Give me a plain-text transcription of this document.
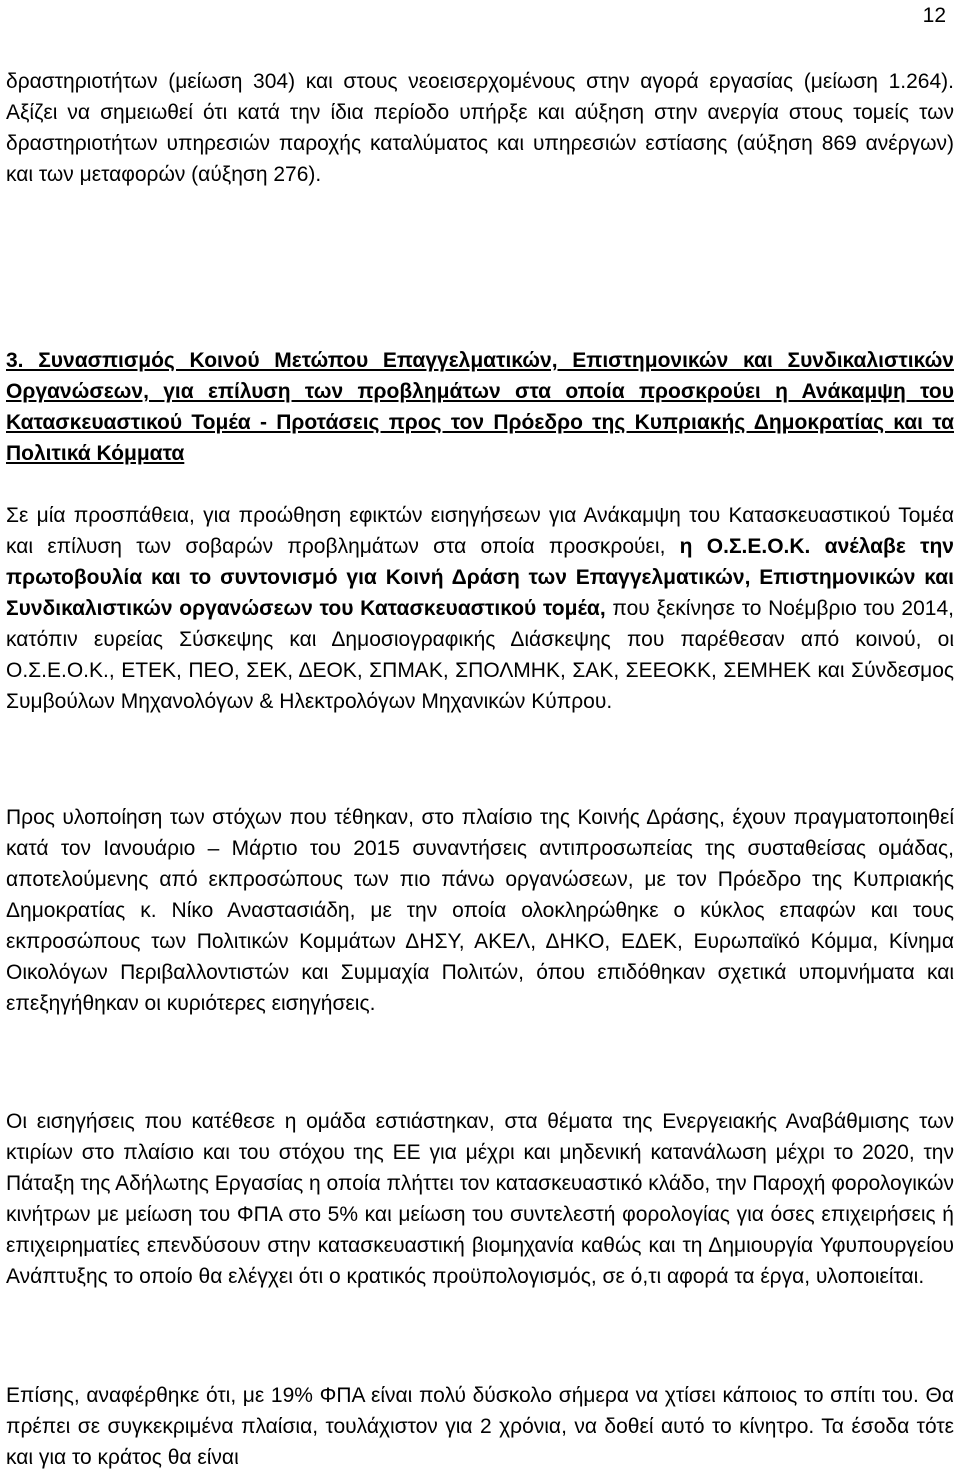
12

δραστηριοτήτων (μείωση 304) και στους νεοεισερχομένους στην αγορά εργασίας (μείωση 1.264). Αξίζει να σημειωθεί ότι κατά την ίδια περίοδο υπήρξε και αύξηση στην ανεργία στους τομείς των δραστηριοτήτων υπηρεσιών παροχής καταλύματος και υπηρεσιών εστίασης (αύξηση 869 ανέργων) και των μεταφορών (αύξηση 276).

3. Συνασπισμός Κοινού Μετώπου Επαγγελματικών, Επιστημονικών και Συνδικαλιστικών Οργανώσεων, για επίλυση των προβλημάτων στα οποία προσκρούει η Ανάκαμψη του Κατασκευαστικού Τομέα - Προτάσεις προς τον Πρόεδρο της Κυπριακής Δημοκρατίας και τα Πολιτικά Κόμματα

Σε μία προσπάθεια, για προώθηση εφικτών εισηγήσεων για Ανάκαμψη του Κατασκευαστικού Τομέα και επίλυση των σοβαρών προβλημάτων στα οποία προσκρούει, η Ο.Σ.Ε.Ο.Κ. ανέλαβε την πρωτοβουλία και το συντονισμό για Κοινή Δράση των Επαγγελματικών, Επιστημονικών και Συνδικαλιστικών οργανώσεων του Κατασκευαστικού τομέα, που ξεκίνησε το Νοέμβριο του 2014, κατόπιν ευρείας Σύσκεψης και Δημοσιογραφικής Διάσκεψης που παρέθεσαν από κοινού, οι Ο.Σ.Ε.Ο.Κ., ΕΤΕΚ, ΠΕΟ, ΣΕΚ, ΔΕΟΚ, ΣΠΜΑΚ, ΣΠΟΛΜΗΚ, ΣΑΚ, ΣΕΕΟΚΚ, ΣΕΜΗΕΚ και Σύνδεσμος Συμβούλων Μηχανολόγων & Ηλεκτρολόγων Μηχανικών Κύπρου.

Προς υλοποίηση των στόχων που τέθηκαν, στο πλαίσιο της Κοινής Δράσης, έχουν πραγματοποιηθεί κατά τον Ιανουάριο – Μάρτιο του 2015 συναντήσεις αντιπροσωπείας της συσταθείσας ομάδας, αποτελούμενης από εκπροσώπους των πιο πάνω οργανώσεων, με τον Πρόεδρο της Κυπριακής Δημοκρατίας κ. Νίκο Αναστασιάδη, με την οποία ολοκληρώθηκε ο κύκλος επαφών και τους εκπροσώπους των Πολιτικών Κομμάτων ΔΗΣΥ, ΑΚΕΛ, ΔΗΚΟ, ΕΔΕΚ, Ευρωπαϊκό Κόμμα, Κίνημα Οικολόγων Περιβαλλοντιστών και Συμμαχία Πολιτών, όπου επιδόθηκαν σχετικά υπομνήματα και επεξηγήθηκαν οι κυριότερες εισηγήσεις.

Οι εισηγήσεις που κατέθεσε η ομάδα εστιάστηκαν, στα θέματα της Ενεργειακής Αναβάθμισης των κτιρίων στο πλαίσιο και του στόχου της ΕΕ για μέχρι και μηδενική κατανάλωση μέχρι το 2020, την Πάταξη της Αδήλωτης Εργασίας η οποία πλήττει τον κατασκευαστικό κλάδο, την Παροχή φορολογικών κινήτρων με μείωση του ΦΠΑ στο 5% και μείωση του συντελεστή φορολογίας για όσες επιχειρήσεις ή επιχειρηματίες επενδύσουν στην κατασκευαστική βιομηχανία καθώς και τη Δημιουργία Υφυπουργείου Ανάπτυξης το οποίο θα ελέγχει ότι ο κρατικός προϋπολογισμός, σε ό,τι αφορά τα έργα, υλοποιείται.

Επίσης, αναφέρθηκε ότι, με 19% ΦΠΑ είναι πολύ δύσκολο σήμερα να χτίσει κάποιος το σπίτι του. Θα πρέπει σε συγκεκριμένα πλαίσια, τουλάχιστον για 2 χρόνια, να δοθεί αυτό το κίνητρο. Τα έσοδα τότε και για το κράτος θα είναι
